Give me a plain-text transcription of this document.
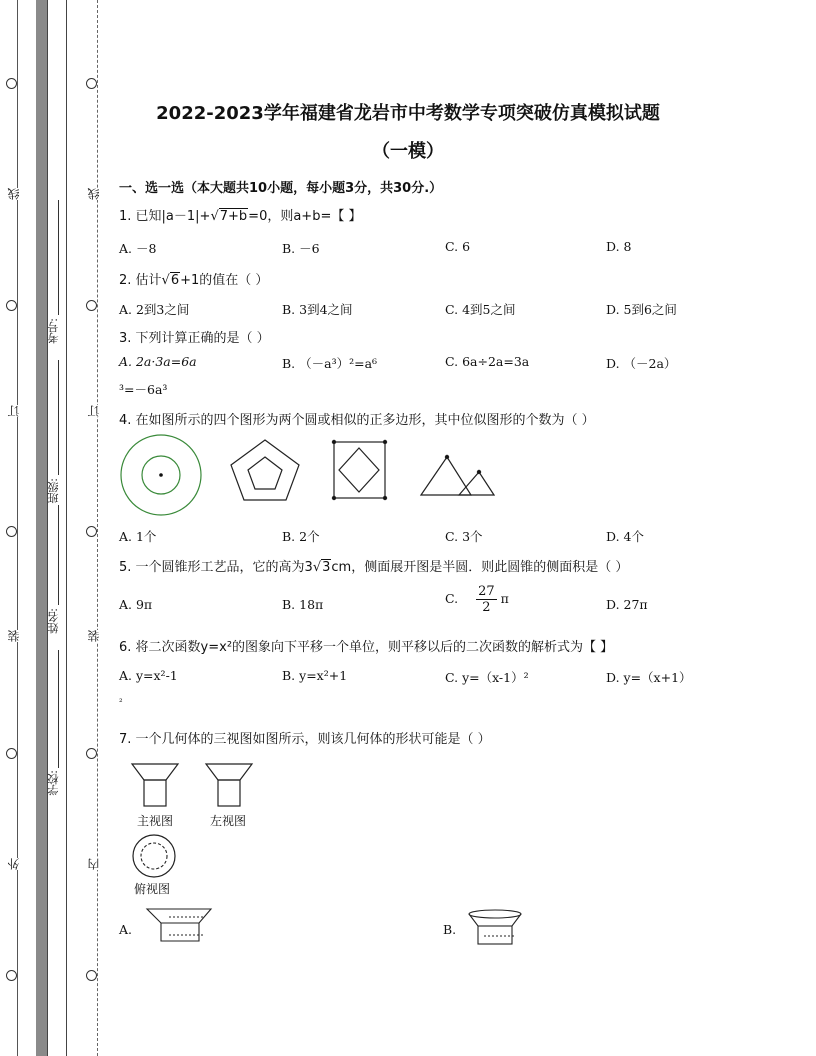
线
订
装
外
线
订
装
内
考号:
班级:
姓名:
学校:
2022-2023学年福建省龙岩市中考数学专项突破仿真模拟试题
（一模）
一、选一选（本大题共10小题，每小题3分，共30分.）
1. 已知|a－1|+√7+b=0，则a+b=【 】
A. －8	B. －6	C. 6	D. 8
2. 估计√6+1的值在（ ）
A. 2到3之间	B. 3到4之间	C. 4到5之间	D. 5到6之间
3. 下列计算正确的是（ ）
A. 2a·3a=6a	B. （－a³）²=a⁶	C. 6a÷2a=3a	D. （－2a）
³=－6a³
4. 在如图所示的四个图形为两个圆或相似的正多边形，其中位似图形的个数为（ ）
A. 1个	B. 2个	C. 3个	D. 4个
5. 一个圆锥形工艺品，它的高为3√3cm，侧面展开图是半圆．则此圆锥的侧面积是（ ）
A. 9π	B. 18π	C. $\frac{27}{2}$ π	D. 27π
6. 将二次函数y=x²的图象向下平移一个单位，则平移以后的二次函数的解析式为【 】
A. y=x²-1	B. y=x²+1	C. y=（x-1）²	D. y=（x+1）
²
7. 一个几何体的三视图如图所示，则该几何体的形状可能是（ ）
主视图	左视图
俯视图
A.	B.
